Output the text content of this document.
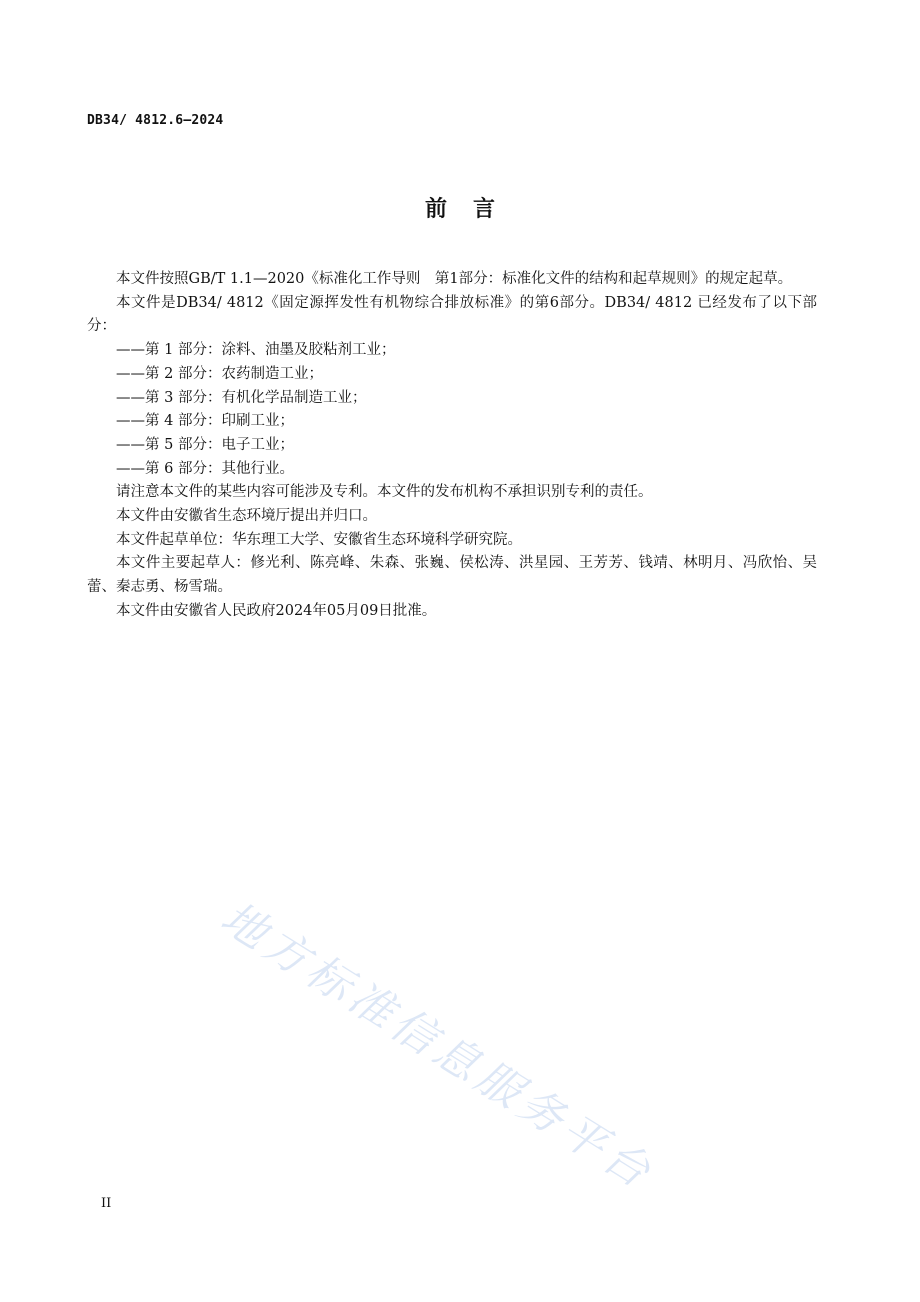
DB34/ 4812.6—2024
前言

本文件按照GB/T 1.1—2020《标准化工作导则　第1部分：标准化文件的结构和起草规则》的规定起草。

本文件是DB34/ 4812《固定源挥发性有机物综合排放标准》的第6部分。DB34/ 4812 已经发布了以下部分：

——第 1 部分：涂料、油墨及胶粘剂工业；

——第 2 部分：农药制造工业；

——第 3 部分：有机化学品制造工业；

——第 4 部分：印刷工业；

——第 5 部分：电子工业；

——第 6 部分：其他行业。

请注意本文件的某些内容可能涉及专利。本文件的发布机构不承担识别专利的责任。

本文件由安徽省生态环境厅提出并归口。

本文件起草单位：华东理工大学、安徽省生态环境科学研究院。

本文件主要起草人：修光利、陈亮峰、朱森、张巍、侯松涛、洪星园、王芳芳、钱靖、林明月、冯欣怡、吴蕾、秦志勇、杨雪瑞。

本文件由安徽省人民政府2024年05月09日批准。

地方标准信息服务平台
II
